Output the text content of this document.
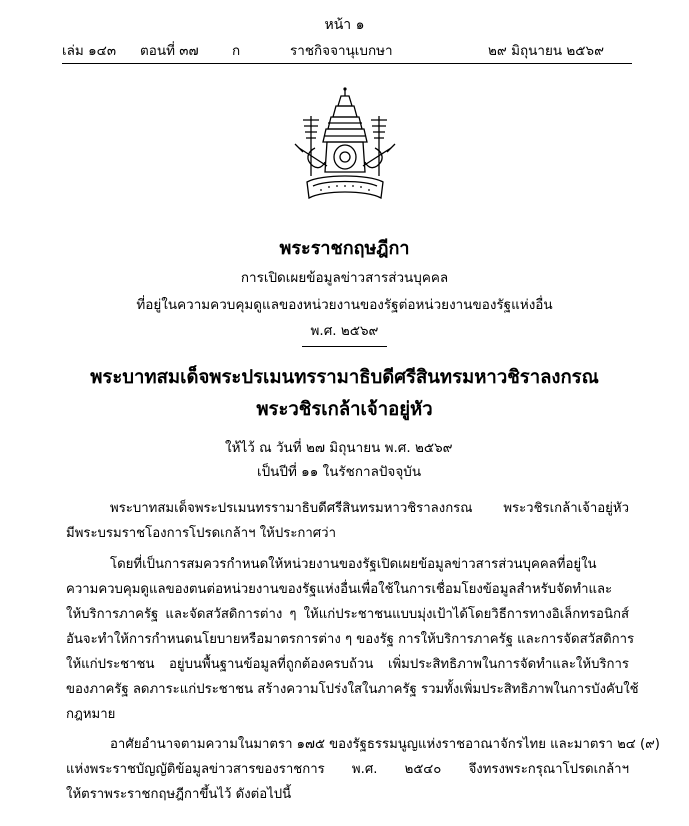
หน้า ๑
เล่ม ๑๔๓ ตอนที่ ๓๗ ก	ราชกิจจานุเบกษา	๒๙ มิถุนายน ๒๕๖๙
พระราชกฤษฎีกา
การเปิดเผยข้อมูลข่าวสารส่วนบุคคล
ที่อยู่ในความควบคุมดูแลของหน่วยงานของรัฐต่อหน่วยงานของรัฐแห่งอื่น
พ.ศ. ๒๕๖๙
พระบาทสมเด็จพระปรเมนทรรามาธิบดีศรีสินทรมหาวชิราลงกรณ
พระวชิรเกล้าเจ้าอยู่หัว
ให้ไว้ ณ วันที่ ๒๗ มิถุนายน พ.ศ. ๒๕๖๙
เป็นปีที่ ๑๑ ในรัชกาลปัจจุบัน
พระบาทสมเด็จพระปรเมนทรรามาธิบดีศรีสินทรมหาวชิราลงกรณ พระวชิรเกล้าเจ้าอยู่หัว
มีพระบรมราชโองการโปรดเกล้าฯ ให้ประกาศว่า
โดยที่เป็นการสมควรกำหนดให้หน่วยงานของรัฐเปิดเผยข้อมูลข่าวสารส่วนบุคคลที่อยู่ใน
ความควบคุมดูแลของตนต่อหน่วยงานของรัฐแห่งอื่นเพื่อใช้ในการเชื่อมโยงข้อมูลสำหรับจัดทำและ
ให้บริการภาครัฐ และจัดสวัสดิการต่าง ๆ ให้แก่ประชาชนแบบมุ่งเป้าได้โดยวิธีการทางอิเล็กทรอนิกส์
อันจะทำให้การกำหนดนโยบายหรือมาตรการต่าง ๆ ของรัฐ การให้บริการภาครัฐ และการจัดสวัสดิการ
ให้แก่ประชาชน อยู่บนพื้นฐานข้อมูลที่ถูกต้องครบถ้วน เพิ่มประสิทธิภาพในการจัดทำและให้บริการ
ของภาครัฐ ลดภาระแก่ประชาชน สร้างความโปร่งใสในภาครัฐ รวมทั้งเพิ่มประสิทธิภาพในการบังคับใช้
กฎหมาย
อาศัยอำนาจตามความในมาตรา ๑๗๕ ของรัฐธรรมนูญแห่งราชอาณาจักรไทย และมาตรา ๒๔ (๙)
แห่งพระราชบัญญัติข้อมูลข่าวสารของราชการ พ.ศ. ๒๕๔๐ จึงทรงพระกรุณาโปรดเกล้าฯ
ให้ตราพระราชกฤษฎีกาขึ้นไว้ ดังต่อไปนี้
